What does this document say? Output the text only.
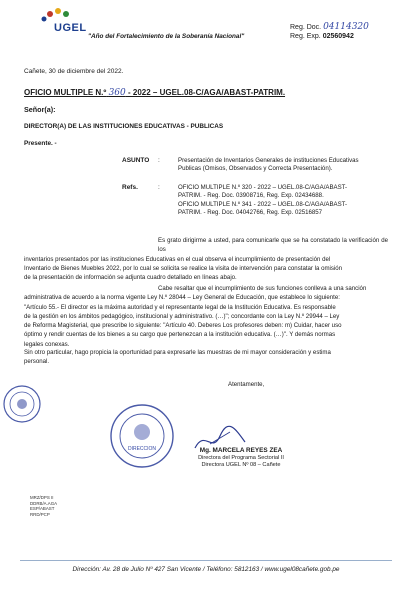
UGEL
"Año del Fortalecimiento de la Soberanía Nacional"
Reg. Doc. 04114320
Reg. Exp. 02560942
Cañete, 30 de diciembre del 2022.
OFICIO MULTIPLE N.º 360 - 2022 – UGEL.08-C/AGA/ABAST-PATRIM.
Señor(a):
DIRECTOR(A) DE LAS INSTITUCIONES EDUCATIVAS - PUBLICAS
Presente. -
ASUNTO :	Presentación de Inventarios Generales de instituciones Educativas
Publicas (Omisos, Observados y Correcta Presentación).
Refs.	:	OFICIO MULTIPLE N.º 320 - 2022 – UGEL.08-C/AGA/ABAST-
PATRIM. - Reg. Doc. 03908716, Reg. Exp. 02434688.
OFICIO MULTIPLE N.º 341 - 2022 – UGEL.08-C/AGA/ABAST-
PATRIM. - Reg. Doc. 04042766, Reg. Exp. 02516857
Es grato dirigirme a usted, para comunicarle que se ha constatado la verificación de los
inventarios presentados por las instituciones Educativas en el cual observa el incumplimiento de presentación del
Inventario de Bienes Muebles 2022, por lo cual se solicita se realice la visita de intervención para constatar la omisión
de la presentación de información se adjunta cuadro detallado en líneas abajo.
Cabe resaltar que el incumplimiento de sus funciones conlleva a una sanción
administrativa de acuerdo a la norma vigente Ley N.º 28044 – Ley General de Educación, que establece lo siguiente:
"Artículo 55.- El director es la máxima autoridad y el representante legal de la Institución Educativa. Es responsable
de la gestión en los ámbitos pedagógico, institucional y administrativo. (…)"; concordante con la Ley N.º 29944 – Ley
de Reforma Magisterial, que prescribe lo siguiente: "Artículo 40. Deberes Los profesores deben: m) Cuidar, hacer uso
óptimo y rendir cuentas de los bienes a su cargo que pertenezcan a la institución educativa. (…)". Y demás normas
legales conexas.
Sin otro particular, hago propicia la oportunidad para expresarle las muestras de mi mayor consideración y estima
personal.
Atentamente,
DIRECCION	Mg. MARCELA REYES ZEA
Directora del Programa Sectorial II
Directora UGEL Nº 08 – Cañete
MRZ/DPS II
DDRB/A.AGA
ESP/ABAST
RRD/PCP
Dirección: Av. 28 de Julio Nº 427 San Vicente / Teléfono: 5812163 / www.ugel08cañete.gob.pe
